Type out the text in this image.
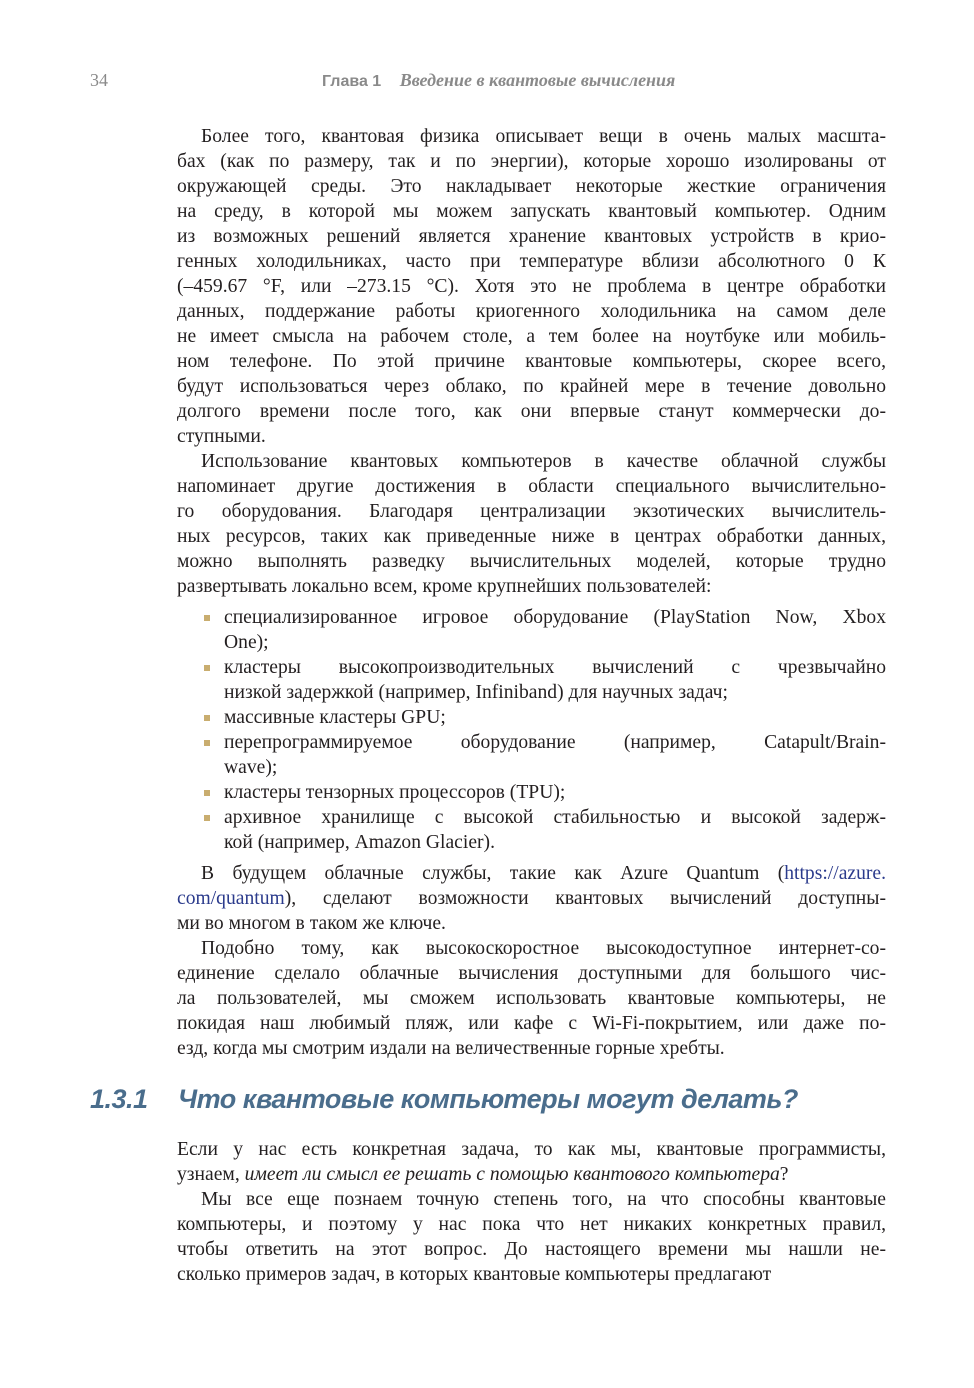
34	Глава 1 Введение в квантовые вычисления
Более того, квантовая физика описывает вещи в очень малых масшта-
бах (как по размеру, так и по энергии), которые хорошо изолированы от
окружающей среды. Это накладывает некоторые жесткие ограничения
на среду, в которой мы можем запускать квантовый компьютер. Одним
из возможных решений является хранение квантовых устройств в крио-
генных холодильниках, часто при температуре вблизи абсолютного 0 К
(–459.67 °F, или –273.15 °C). Хотя это не проблема в центре обработки
данных, поддержание работы криогенного холодильника на самом деле
не имеет смысла на рабочем столе, а тем более на ноутбуке или мобиль-
ном телефоне. По этой причине квантовые компьютеры, скорее всего,
будут использоваться через облако, по крайней мере в течение довольно
долгого времени после того, как они впервые станут коммерчески до-
ступными.
Использование квантовых компьютеров в качестве облачной службы
напоминает другие достижения в области специального вычислительно-
го оборудования. Благодаря централизации экзотических вычислитель-
ных ресурсов, таких как приведенные ниже в центрах обработки данных,
можно выполнять разведку вычислительных моделей, которые трудно
развертывать локально всем, кроме крупнейших пользователей:
специализированное игровое оборудование (PlayStation Now, Xbox
One);
кластеры высокопроизводительных вычислений с чрезвычайно
низкой задержкой (например, Infiniband) для научных задач;
массивные кластеры GPU;
перепрограммируемое оборудование (например, Catapult/Brain-
wave);
кластеры тензорных процессоров (TPU);
архивное хранилище с высокой стабильностью и высокой задерж-
кой (например, Amazon Glacier).
В будущем облачные службы, такие как Azure Quantum (https://azure.
com/quantum), сделают возможности квантовых вычислений доступны-
ми во многом в таком же ключе.
Подобно тому, как высокоскоростное высокодоступное интернет-со-
единение сделало облачные вычисления доступными для большого чис-
ла пользователей, мы сможем использовать квантовые компьютеры, не
покидая наш любимый пляж, или кафе с Wi-Fi-покрытием, или даже по-
езд, когда мы смотрим издали на величественные горные хребты.
1.3.1 Что квантовые компьютеры могут делать?
Если у нас есть конкретная задача, то как мы, квантовые программисты,
узнаем, имеет ли смысл ее решать с помощью квантового компьютера?
Мы все еще познаем точную степень того, на что способны квантовые
компьютеры, и поэтому у нас пока что нет никаких конкретных правил,
чтобы ответить на этот вопрос. До настоящего времени мы нашли не-
сколько примеров задач, в которых квантовые компьютеры предлагают
